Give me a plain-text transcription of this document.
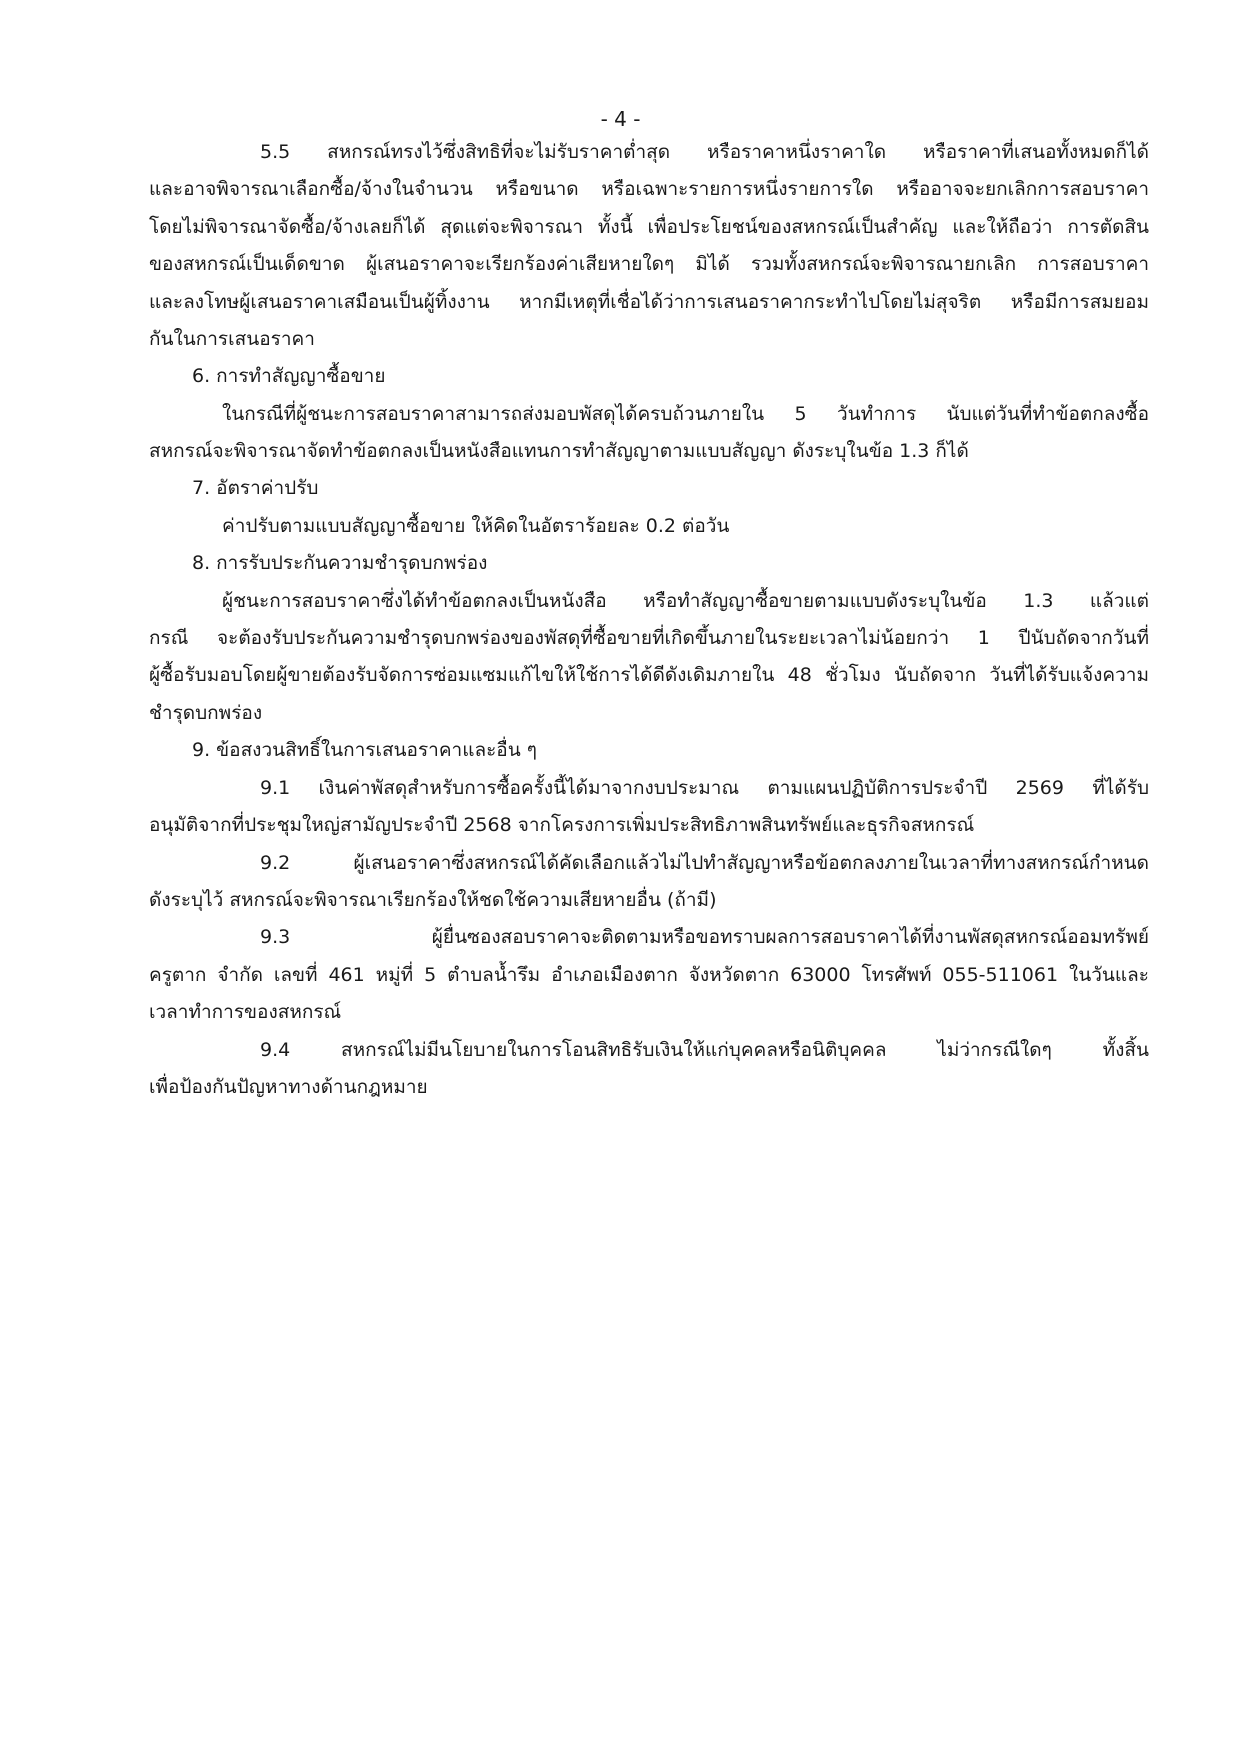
- 4 -
5.5 สหกรณ์ทรงไว้ซึ่งสิทธิที่จะไม่รับราคาต่ำสุด หรือราคาหนึ่งราคาใด หรือราคาที่เสนอทั้งหมดก็ได้
และอาจพิจารณาเลือกซื้อ/จ้างในจำนวน หรือขนาด หรือเฉพาะรายการหนึ่งรายการใด หรืออาจจะยกเลิกการสอบราคา
โดยไม่พิจารณาจัดซื้อ/จ้างเลยก็ได้ สุดแต่จะพิจารณา ทั้งนี้ เพื่อประโยชน์ของสหกรณ์เป็นสำคัญ และให้ถือว่า การตัดสิน
ของสหกรณ์เป็นเด็ดขาด ผู้เสนอราคาจะเรียกร้องค่าเสียหายใดๆ มิได้ รวมทั้งสหกรณ์จะพิจารณายกเลิก การสอบราคา
และลงโทษผู้เสนอราคาเสมือนเป็นผู้ทิ้งงาน หากมีเหตุที่เชื่อได้ว่าการเสนอราคากระทำไปโดยไม่สุจริต หรือมีการสมยอม
กันในการเสนอราคา
6. การทำสัญญาซื้อขาย
ในกรณีที่ผู้ชนะการสอบราคาสามารถส่งมอบพัสดุได้ครบถ้วนภายใน 5 วันทำการ นับแต่วันที่ทำข้อตกลงซื้อ
สหกรณ์จะพิจารณาจัดทำข้อตกลงเป็นหนังสือแทนการทำสัญญาตามแบบสัญญา ดังระบุในข้อ 1.3 ก็ได้
7. อัตราค่าปรับ
ค่าปรับตามแบบสัญญาซื้อขาย ให้คิดในอัตราร้อยละ 0.2 ต่อวัน
8. การรับประกันความชำรุดบกพร่อง
ผู้ชนะการสอบราคาซึ่งได้ทำข้อตกลงเป็นหนังสือ หรือทำสัญญาซื้อขายตามแบบดังระบุในข้อ 1.3 แล้วแต่
กรณี จะต้องรับประกันความชำรุดบกพร่องของพัสดุที่ซื้อขายที่เกิดขึ้นภายในระยะเวลาไม่น้อยกว่า 1 ปีนับถัดจากวันที่
ผู้ซื้อรับมอบโดยผู้ขายต้องรับจัดการซ่อมแซมแก้ไขให้ใช้การได้ดีดังเดิมภายใน 48 ชั่วโมง นับถัดจาก วันที่ได้รับแจ้งความ
ชำรุดบกพร่อง
9. ข้อสงวนสิทธิ์ในการเสนอราคาและอื่น ๆ
9.1 เงินค่าพัสดุสำหรับการซื้อครั้งนี้ได้มาจากงบประมาณ ตามแผนปฏิบัติการประจำปี 2569 ที่ได้รับ
อนุมัติจากที่ประชุมใหญ่สามัญประจำปี 2568 จากโครงการเพิ่มประสิทธิภาพสินทรัพย์และธุรกิจสหกรณ์
9.2 ผู้เสนอราคาซึ่งสหกรณ์ได้คัดเลือกแล้วไม่ไปทำสัญญาหรือข้อตกลงภายในเวลาที่ทางสหกรณ์กำหนด
ดังระบุไว้ สหกรณ์จะพิจารณาเรียกร้องให้ชดใช้ความเสียหายอื่น (ถ้ามี)
9.3 ผู้ยื่นซองสอบราคาจะติดตามหรือขอทราบผลการสอบราคาได้ที่งานพัสดุสหกรณ์ออมทรัพย์
ครูตาก จำกัด เลขที่ 461 หมู่ที่ 5 ตำบลน้ำรึม อำเภอเมืองตาก จังหวัดตาก 63000 โทรศัพท์ 055-511061 ในวันและ
เวลาทำการของสหกรณ์
9.4 สหกรณ์ไม่มีนโยบายในการโอนสิทธิรับเงินให้แก่บุคคลหรือนิติบุคคล ไม่ว่ากรณีใดๆ ทั้งสิ้น
เพื่อป้องกันปัญหาทางด้านกฎหมาย
